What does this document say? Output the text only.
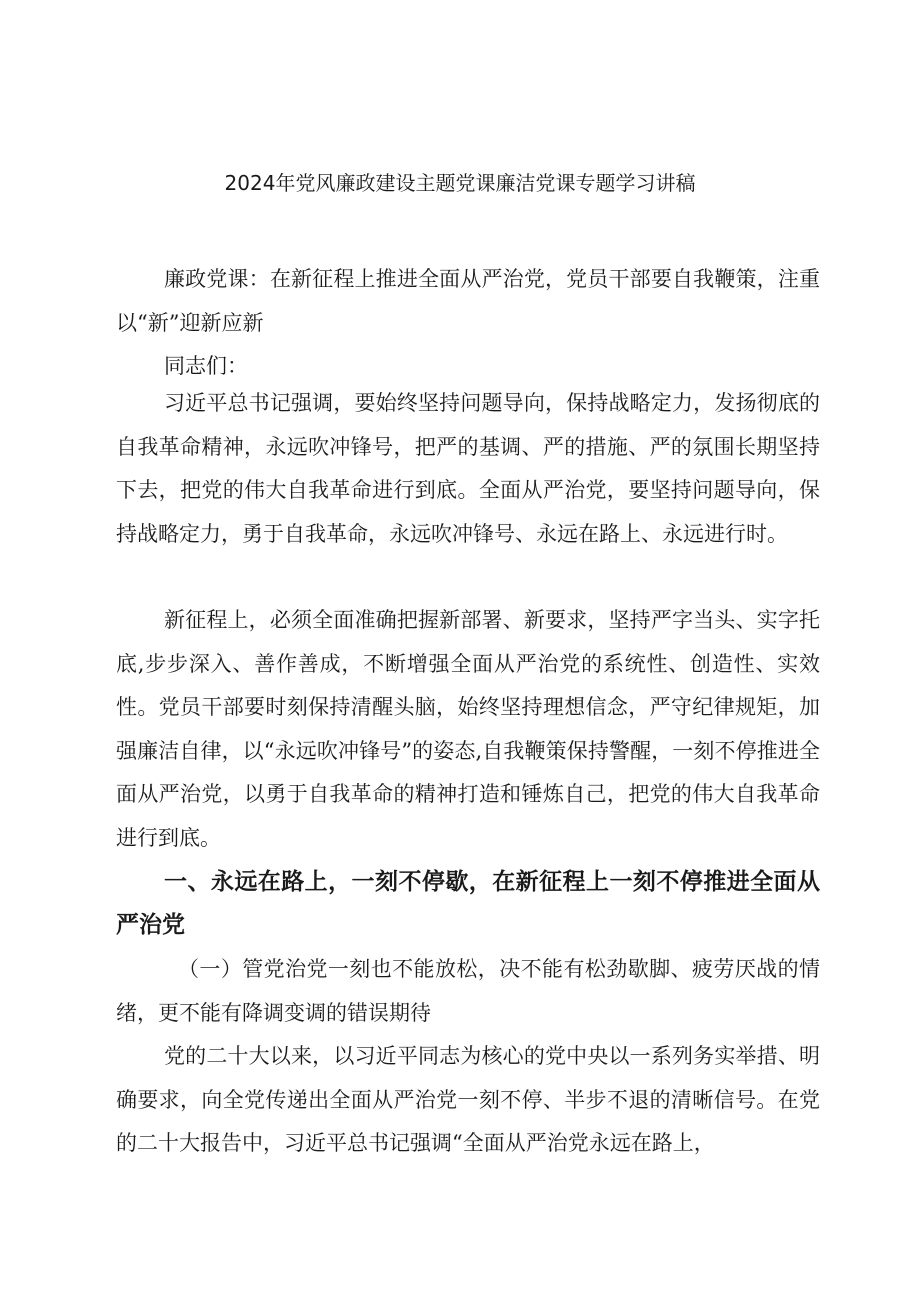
2024年党风廉政建设主题党课廉洁党课专题学习讲稿

廉政党课：在新征程上推进全面从严治党，党员干部要自我鞭策，注重以“新”迎新应新

同志们：

习近平总书记强调，要始终坚持问题导向，保持战略定力，发扬彻底的自我革命精神，永远吹冲锋号，把严的基调、严的措施、严的氛围长期坚持下去，把党的伟大自我革命进行到底。全面从严治党，要坚持问题导向，保持战略定力，勇于自我革命，永远吹冲锋号、永远在路上、永远进行时。

新征程上，必须全面准确把握新部署、新要求，坚持严字当头、实字托底,步步深入、善作善成，不断增强全面从严治党的系统性、创造性、实效性。党员干部要时刻保持清醒头脑，始终坚持理想信念，严守纪律规矩，加强廉洁自律，以“永远吹冲锋号”的姿态,自我鞭策保持警醒，一刻不停推进全面从严治党，以勇于自我革命的精神打造和锤炼自己，把党的伟大自我革命进行到底。

一、永远在路上，一刻不停歇，在新征程上一刻不停推进全面从严治党

（一）管党治党一刻也不能放松，决不能有松劲歇脚、疲劳厌战的情绪，更不能有降调变调的错误期待

党的二十大以来，以习近平同志为核心的党中央以一系列务实举措、明确要求，向全党传递出全面从严治党一刻不停、半步不退的清晰信号。在党的二十大报告中，习近平总书记强调“全面从严治党永远在路上，
